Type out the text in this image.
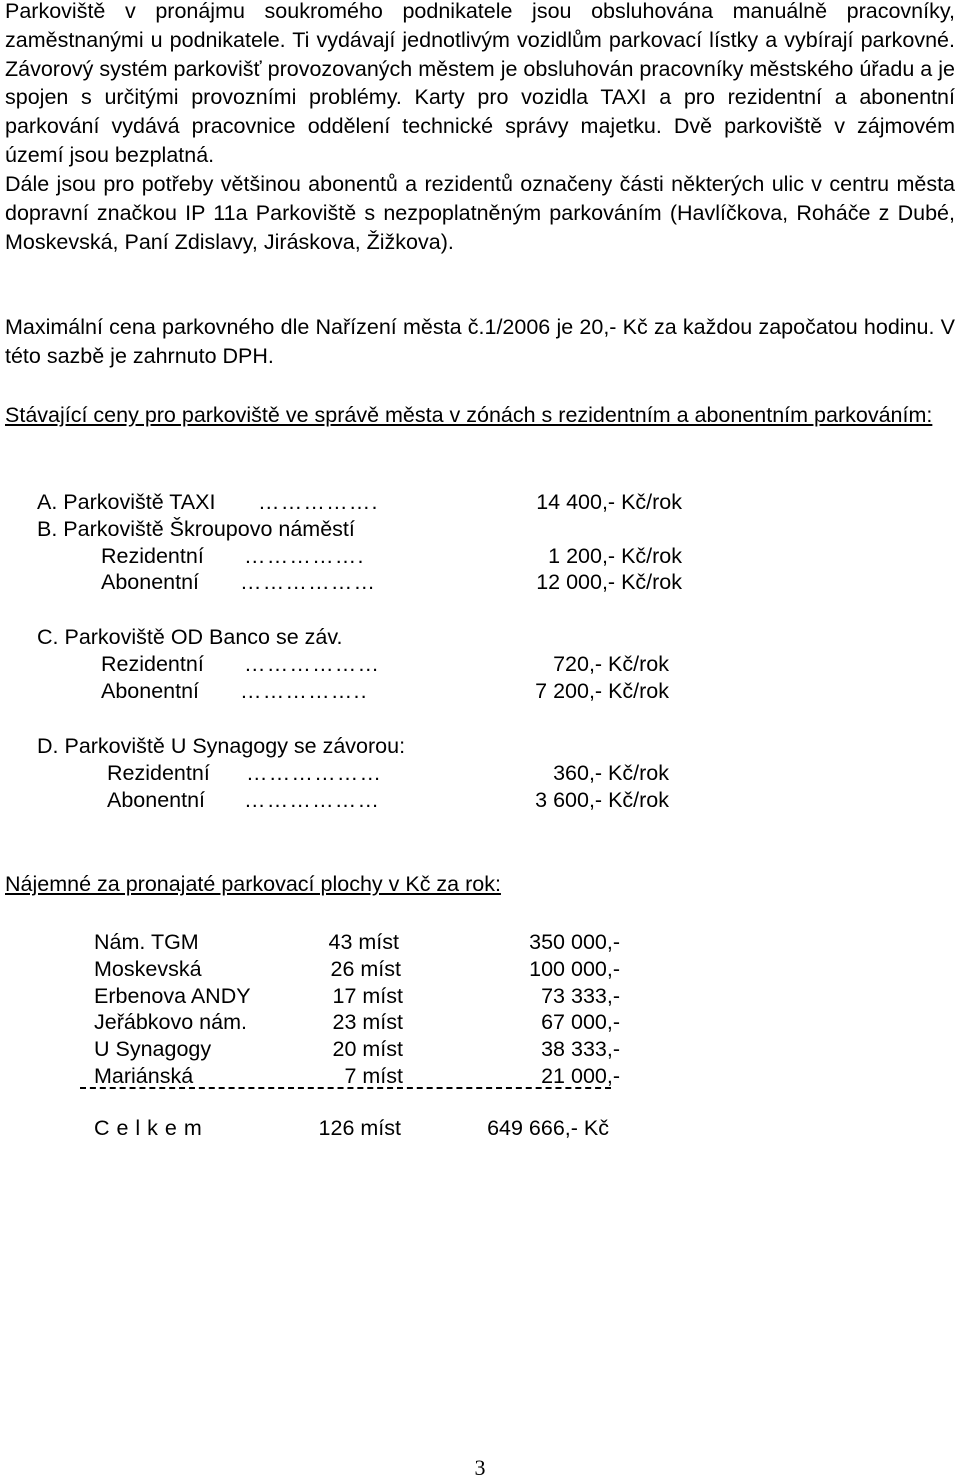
Parkoviště v pronájmu soukromého podnikatele jsou obsluhována manuálně pracovníky, zaměstnanými u podnikatele. Ti vydávají jednotlivým vozidlům parkovací lístky a vybírají parkovné. Závorový systém parkovišť provozovaných městem je obsluhován pracovníky městského úřadu a je spojen s určitými provozními problémy. Karty pro vozidla TAXI a pro rezidentní a abonentní parkování vydává pracovnice oddělení technické správy majetku. Dvě parkoviště v zájmovém území jsou bezplatná.
Dále jsou pro potřeby většinou abonentů a rezidentů označeny části některých ulic v centru města dopravní značkou IP 11a Parkoviště s nezpoplatněným parkováním (Havlíčkova, Roháče z Dubé, Moskevská, Paní Zdislavy, Jiráskova, Žižkova).
Maximální cena parkovného dle Nařízení města č.1/2006 je 20,- Kč za každou započatou hodinu. V této sazbě je zahrnuto DPH.
Stávající ceny pro parkoviště ve správě města v zónách s rezidentním a abonentním parkováním:
A. Parkoviště TAXI …………….	14 400,- Kč/rok
B. Parkoviště Škroupovo náměstí
Rezidentní …………….	1 200,- Kč/rok
Abonentní ………………	12 000,- Kč/rok
C. Parkoviště OD Banco se záv.
Rezidentní ………………	720,- Kč/rok
Abonentní ……………..	7 200,- Kč/rok
D. Parkoviště U Synagogy se závorou:
Rezidentní ………………	360,- Kč/rok
Abonentní ………………	3 600,- Kč/rok
Nájemné za pronajaté parkovací plochy v Kč za rok:
Nám. TGM	43 míst	350 000,-
Moskevská	26 míst	100 000,-
Erbenova ANDY	17 míst	73 333,-
Jeřábkovo nám.	23 míst	67 000,-
U Synagogy	20 míst	38 333,-
Mariánská	7 míst	21 000,-
C e l k e m	126 míst	649 666,- Kč
3
